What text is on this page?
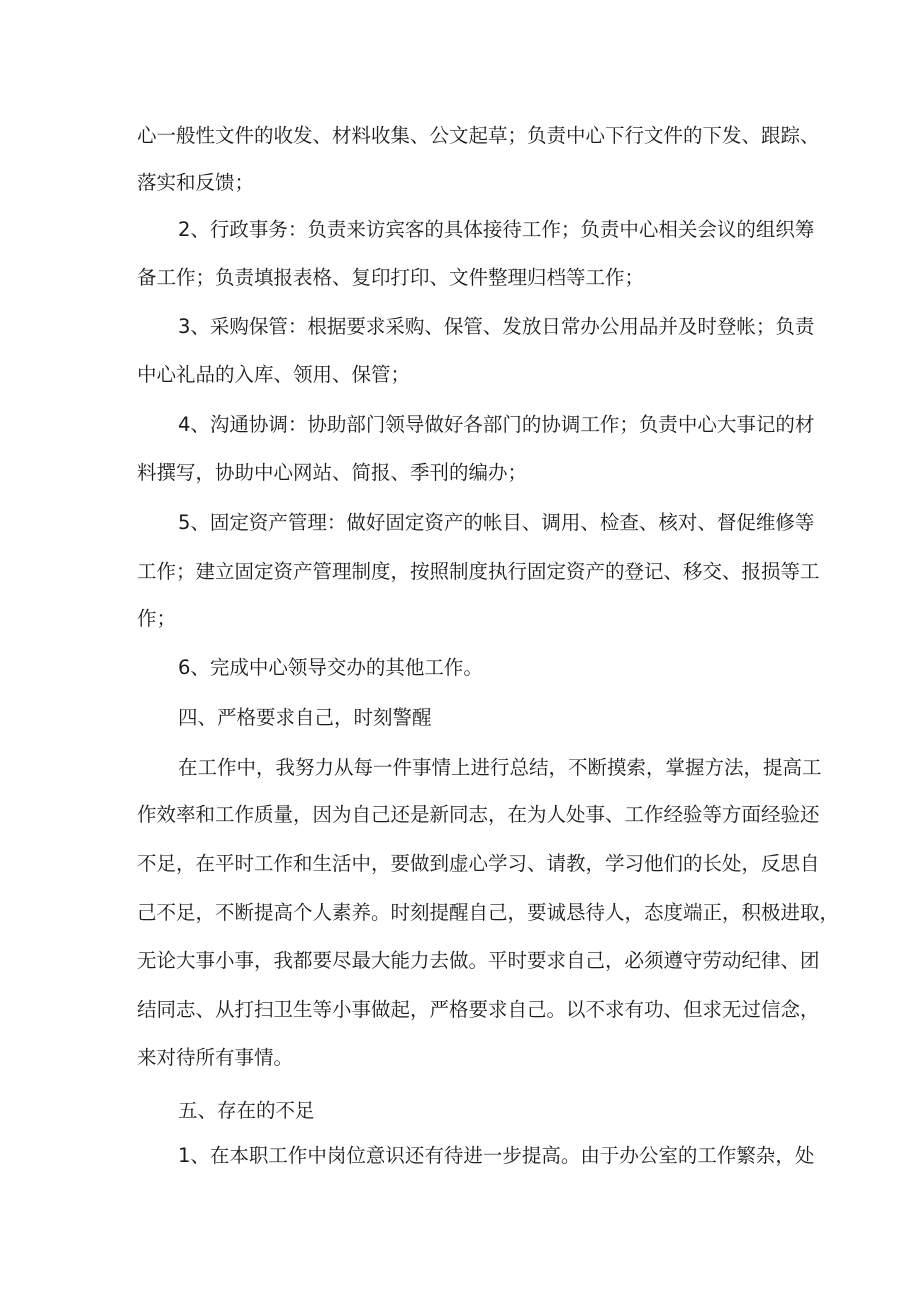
心一般性文件的收发、材料收集、公文起草；负责中心下行文件的下发、跟踪、

落实和反馈；

2、行政事务：负责来访宾客的具体接待工作；负责中心相关会议的组织筹

备工作；负责填报表格、复印打印、文件整理归档等工作；

3、采购保管：根据要求采购、保管、发放日常办公用品并及时登帐；负责

中心礼品的入库、领用、保管；

4、沟通协调：协助部门领导做好各部门的协调工作；负责中心大事记的材

料撰写，协助中心网站、简报、季刊的编办；

5、固定资产管理：做好固定资产的帐目、调用、检查、核对、督促维修等

工作；建立固定资产管理制度，按照制度执行固定资产的登记、移交、报损等工

作；

6、完成中心领导交办的其他工作。

四、严格要求自己，时刻警醒

在工作中，我努力从每一件事情上进行总结，不断摸索，掌握方法，提高工

作效率和工作质量，因为自己还是新同志，在为人处事、工作经验等方面经验还

不足，在平时工作和生活中，要做到虚心学习、请教，学习他们的长处，反思自

己不足，不断提高个人素养。时刻提醒自己，要诚恳待人，态度端正，积极进取，

无论大事小事，我都要尽最大能力去做。平时要求自己，必须遵守劳动纪律、团

结同志、从打扫卫生等小事做起，严格要求自己。以不求有功、但求无过信念，

来对待所有事情。

五、存在的不足

1、在本职工作中岗位意识还有待进一步提高。由于办公室的工作繁杂，处
